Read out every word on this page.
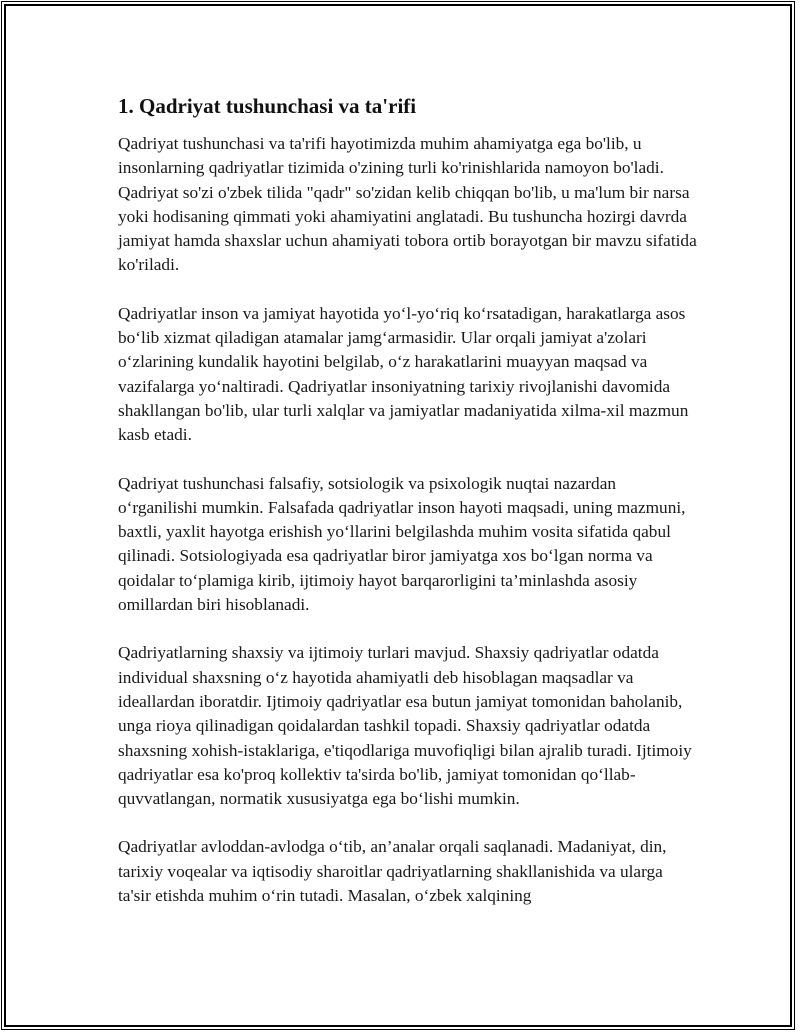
1. Qadriyat tushunchasi va ta'rifi

Qadriyat tushunchasi va ta'rifi hayotimizda muhim ahamiyatga ega bo'lib, u insonlarning qadriyatlar tizimida o'zining turli ko'rinishlarida namoyon bo'ladi. Qadriyat so'zi o'zbek tilida "qadr" so'zidan kelib chiqqan bo'lib, u ma'lum bir narsa yoki hodisaning qimmati yoki ahamiyatini anglatadi. Bu tushuncha hozirgi davrda jamiyat hamda shaxslar uchun ahamiyati tobora ortib borayotgan bir mavzu sifatida ko'riladi.

Qadriyatlar inson va jamiyat hayotida yo‘l-yo‘riq ko‘rsatadigan, harakatlarga asos bo‘lib xizmat qiladigan atamalar jamg‘armasidir. Ular orqali jamiyat a'zolari o‘zlarining kundalik hayotini belgilab, o‘z harakatlarini muayyan maqsad va vazifalarga yo‘naltiradi. Qadriyatlar insoniyatning tarixiy rivojlanishi davomida shakllangan bo'lib, ular turli xalqlar va jamiyatlar madaniyatida xilma-xil mazmun kasb etadi.

Qadriyat tushunchasi falsafiy, sotsiologik va psixologik nuqtai nazardan o‘rganilishi mumkin. Falsafada qadriyatlar inson hayoti maqsadi, uning mazmuni, baxtli, yaxlit hayotga erishish yo‘llarini belgilashda muhim vosita sifatida qabul qilinadi. Sotsiologiyada esa qadriyatlar biror jamiyatga xos bo‘lgan norma va qoidalar to‘plamiga kirib, ijtimoiy hayot barqarorligini ta’minlashda asosiy omillardan biri hisoblanadi.

Qadriyatlarning shaxsiy va ijtimoiy turlari mavjud. Shaxsiy qadriyatlar odatda individual shaxsning o‘z hayotida ahamiyatli deb hisoblagan maqsadlar va ideallardan iboratdir. Ijtimoiy qadriyatlar esa butun jamiyat tomonidan baholanib, unga rioya qilinadigan qoidalardan tashkil topadi. Shaxsiy qadriyatlar odatda shaxsning xohish-istaklariga, e'tiqodlariga muvofiqligi bilan ajralib turadi. Ijtimoiy qadriyatlar esa ko'proq kollektiv ta'sirda bo'lib, jamiyat tomonidan qo‘llab-quvvatlangan, normatik xususiyatga ega bo‘lishi mumkin.

Qadriyatlar avloddan-avlodga o‘tib, an’analar orqali saqlanadi. Madaniyat, din, tarixiy voqealar va iqtisodiy sharoitlar qadriyatlarning shakllanishida va ularga ta'sir etishda muhim o‘rin tutadi. Masalan, o‘zbek xalqining
